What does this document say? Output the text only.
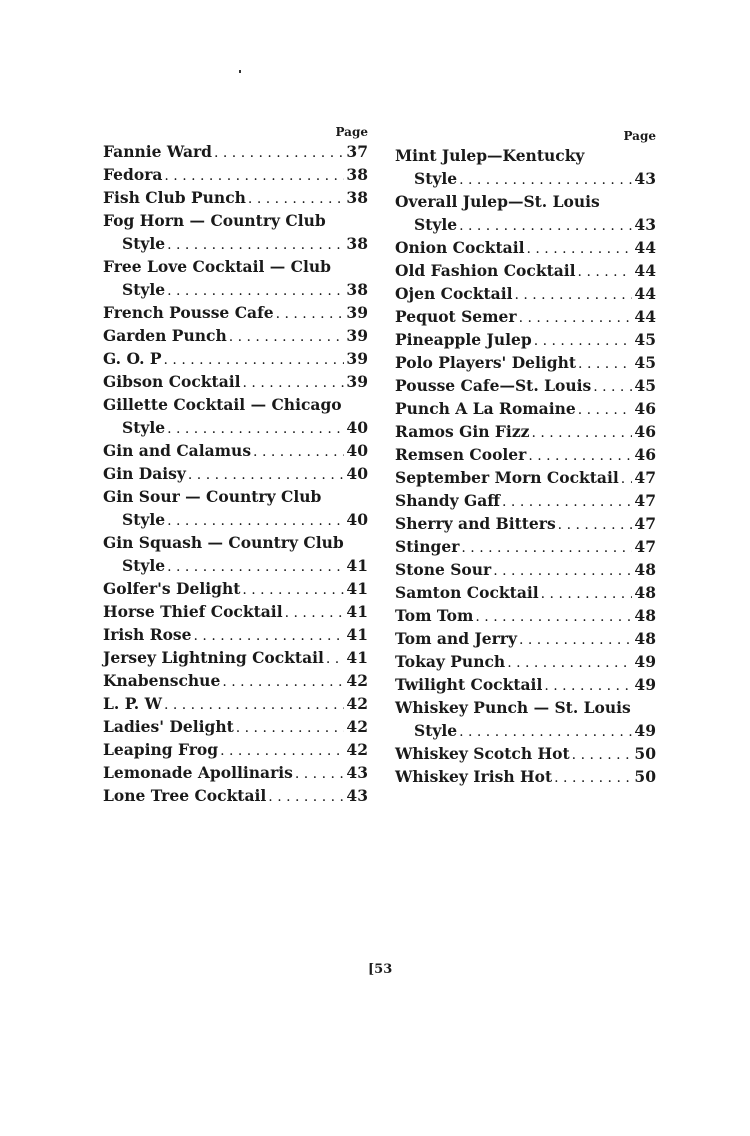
Page
Fannie Ward . . .	37
Fedora . . .	38
Fish Club Punch . . .	38
Fog Horn — Country Club
Style . . .	38
Free Love Cocktail — Club
Style . . .	38
French Pousse Cafe . . .	39
Garden Punch . . .	39
G. O. P . . .	39
Gibson Cocktail . . .	39
Gillette Cocktail — Chicago
Style . . .	40
Gin and Calamus . . .	40
Gin Daisy . . .	40
Gin Sour — Country Club
Style . . .	40
Gin Squash — Country Club
Style . . .	41
Golfer's Delight . . .	41
Horse Thief Cocktail . . .	41
Irish Rose . . .	41
Jersey Lightning Cocktail . . . 41
Knabenschue . . .	42
L. P. W . . .	42
Ladies' Delight . . .	42
Leaping Frog . . .	42
Lemonade Apollinaris . . .	43
Lone Tree Cocktail . . .	43
Page
Mint Julep—Kentucky
Style . . .	43
Overall Julep—St. Louis
Style . . .	43
Onion Cocktail . . .	44
Old Fashion Cocktail . . .	44
Ojen Cocktail . . .	44
Pequot Semer . . .	44
Pineapple Julep . . .	45
Polo Players' Delight . . .	45
Pousse Cafe—St. Louis . . .	45
Punch A La Romaine . . .	46
Ramos Gin Fizz . . .	46
Remsen Cooler . . .	46
September Morn Cocktail . . . 47
Shandy Gaff . . .	47
Sherry and Bitters . . .	47
Stinger . . .	47
Stone Sour . . .	48
Samton Cocktail . . .	48
Tom Tom . . .	48
Tom and Jerry . . .	48
Tokay Punch . . .	49
Twilight Cocktail . . .	49
Whiskey Punch — St. Louis
Style . . .	49
Whiskey Scotch Hot . . .	50
Whiskey Irish Hot . . .	50
[53
